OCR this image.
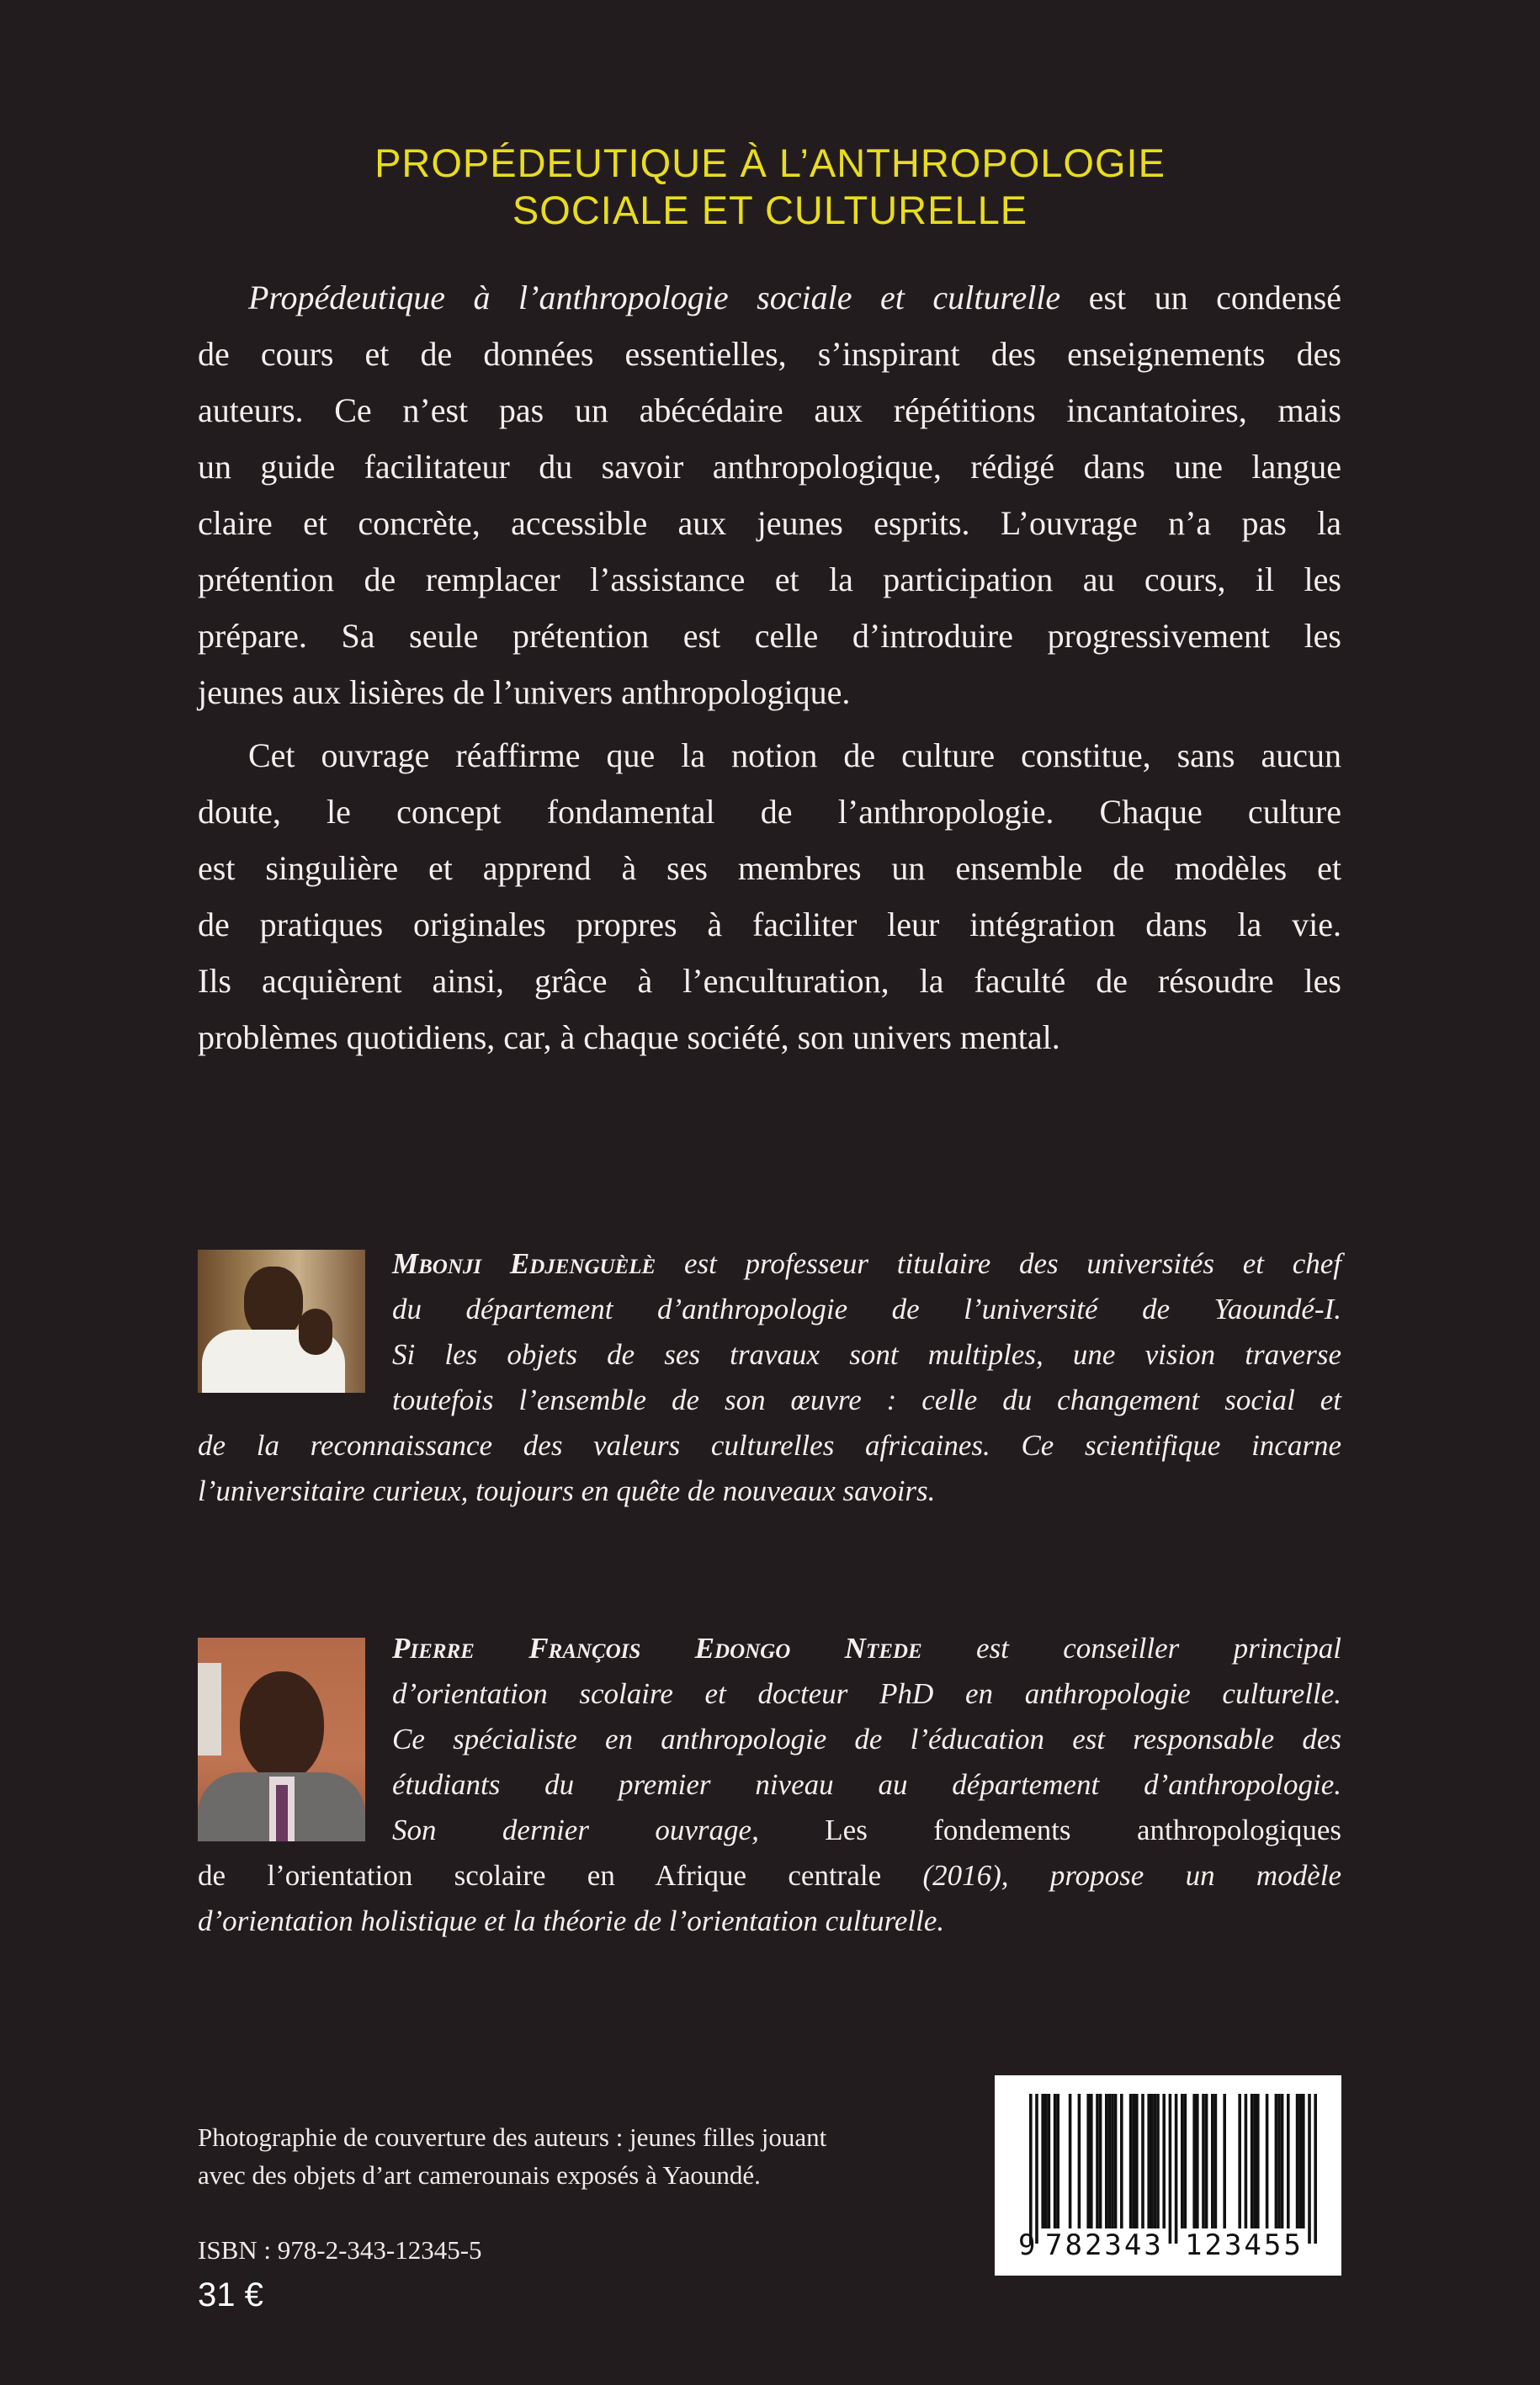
PROPÉDEUTIQUE À L’ANTHROPOLOGIE
SOCIALE ET CULTURELLE
Propédeutique à l’anthropologie sociale et culturelle est un condensé
de cours et de données essentielles, s’inspirant des enseignements des
auteurs. Ce n’est pas un abécédaire aux répétitions incantatoires, mais
un guide facilitateur du savoir anthropologique, rédigé dans une langue
claire et concrète, accessible aux jeunes esprits. L’ouvrage n’a pas la
prétention de remplacer l’assistance et la participation au cours, il les
prépare. Sa seule prétention est celle d’introduire progressivement les
jeunes aux lisières de l’univers anthropologique.
Cet ouvrage réaffirme que la notion de culture constitue, sans aucun
doute, le concept fondamental de l’anthropologie. Chaque culture
est singulière et apprend à ses membres un ensemble de modèles et
de pratiques originales propres à faciliter leur intégration dans la vie.
Ils acquièrent ainsi, grâce à l’enculturation, la faculté de résoudre les
problèmes quotidiens, car, à chaque société, son univers mental.
Mbonji Edjenguèlè est professeur titulaire des universités et chef
du département d’anthropologie de l’université de Yaoundé-I.
Si les objets de ses travaux sont multiples, une vision traverse
toutefois l’ensemble de son œuvre : celle du changement social et
de la reconnaissance des valeurs culturelles africaines. Ce scientifique incarne
l’universitaire curieux, toujours en quête de nouveaux savoirs.
Pierre François Edongo Ntede est conseiller principal
d’orientation scolaire et docteur PhD en anthropologie culturelle.
Ce spécialiste en anthropologie de l’éducation est responsable des
étudiants du premier niveau au département d’anthropologie.
Son dernier ouvrage, Les fondements anthropologiques
de l’orientation scolaire en Afrique centrale (2016), propose un modèle
d’orientation holistique et la théorie de l’orientation culturelle.
Photographie de couverture des auteurs : jeunes filles jouant
avec des objets d’art camerounais exposés à Yaoundé.
ISBN : 978-2-343-12345-5
31 €
9 782343 123455
